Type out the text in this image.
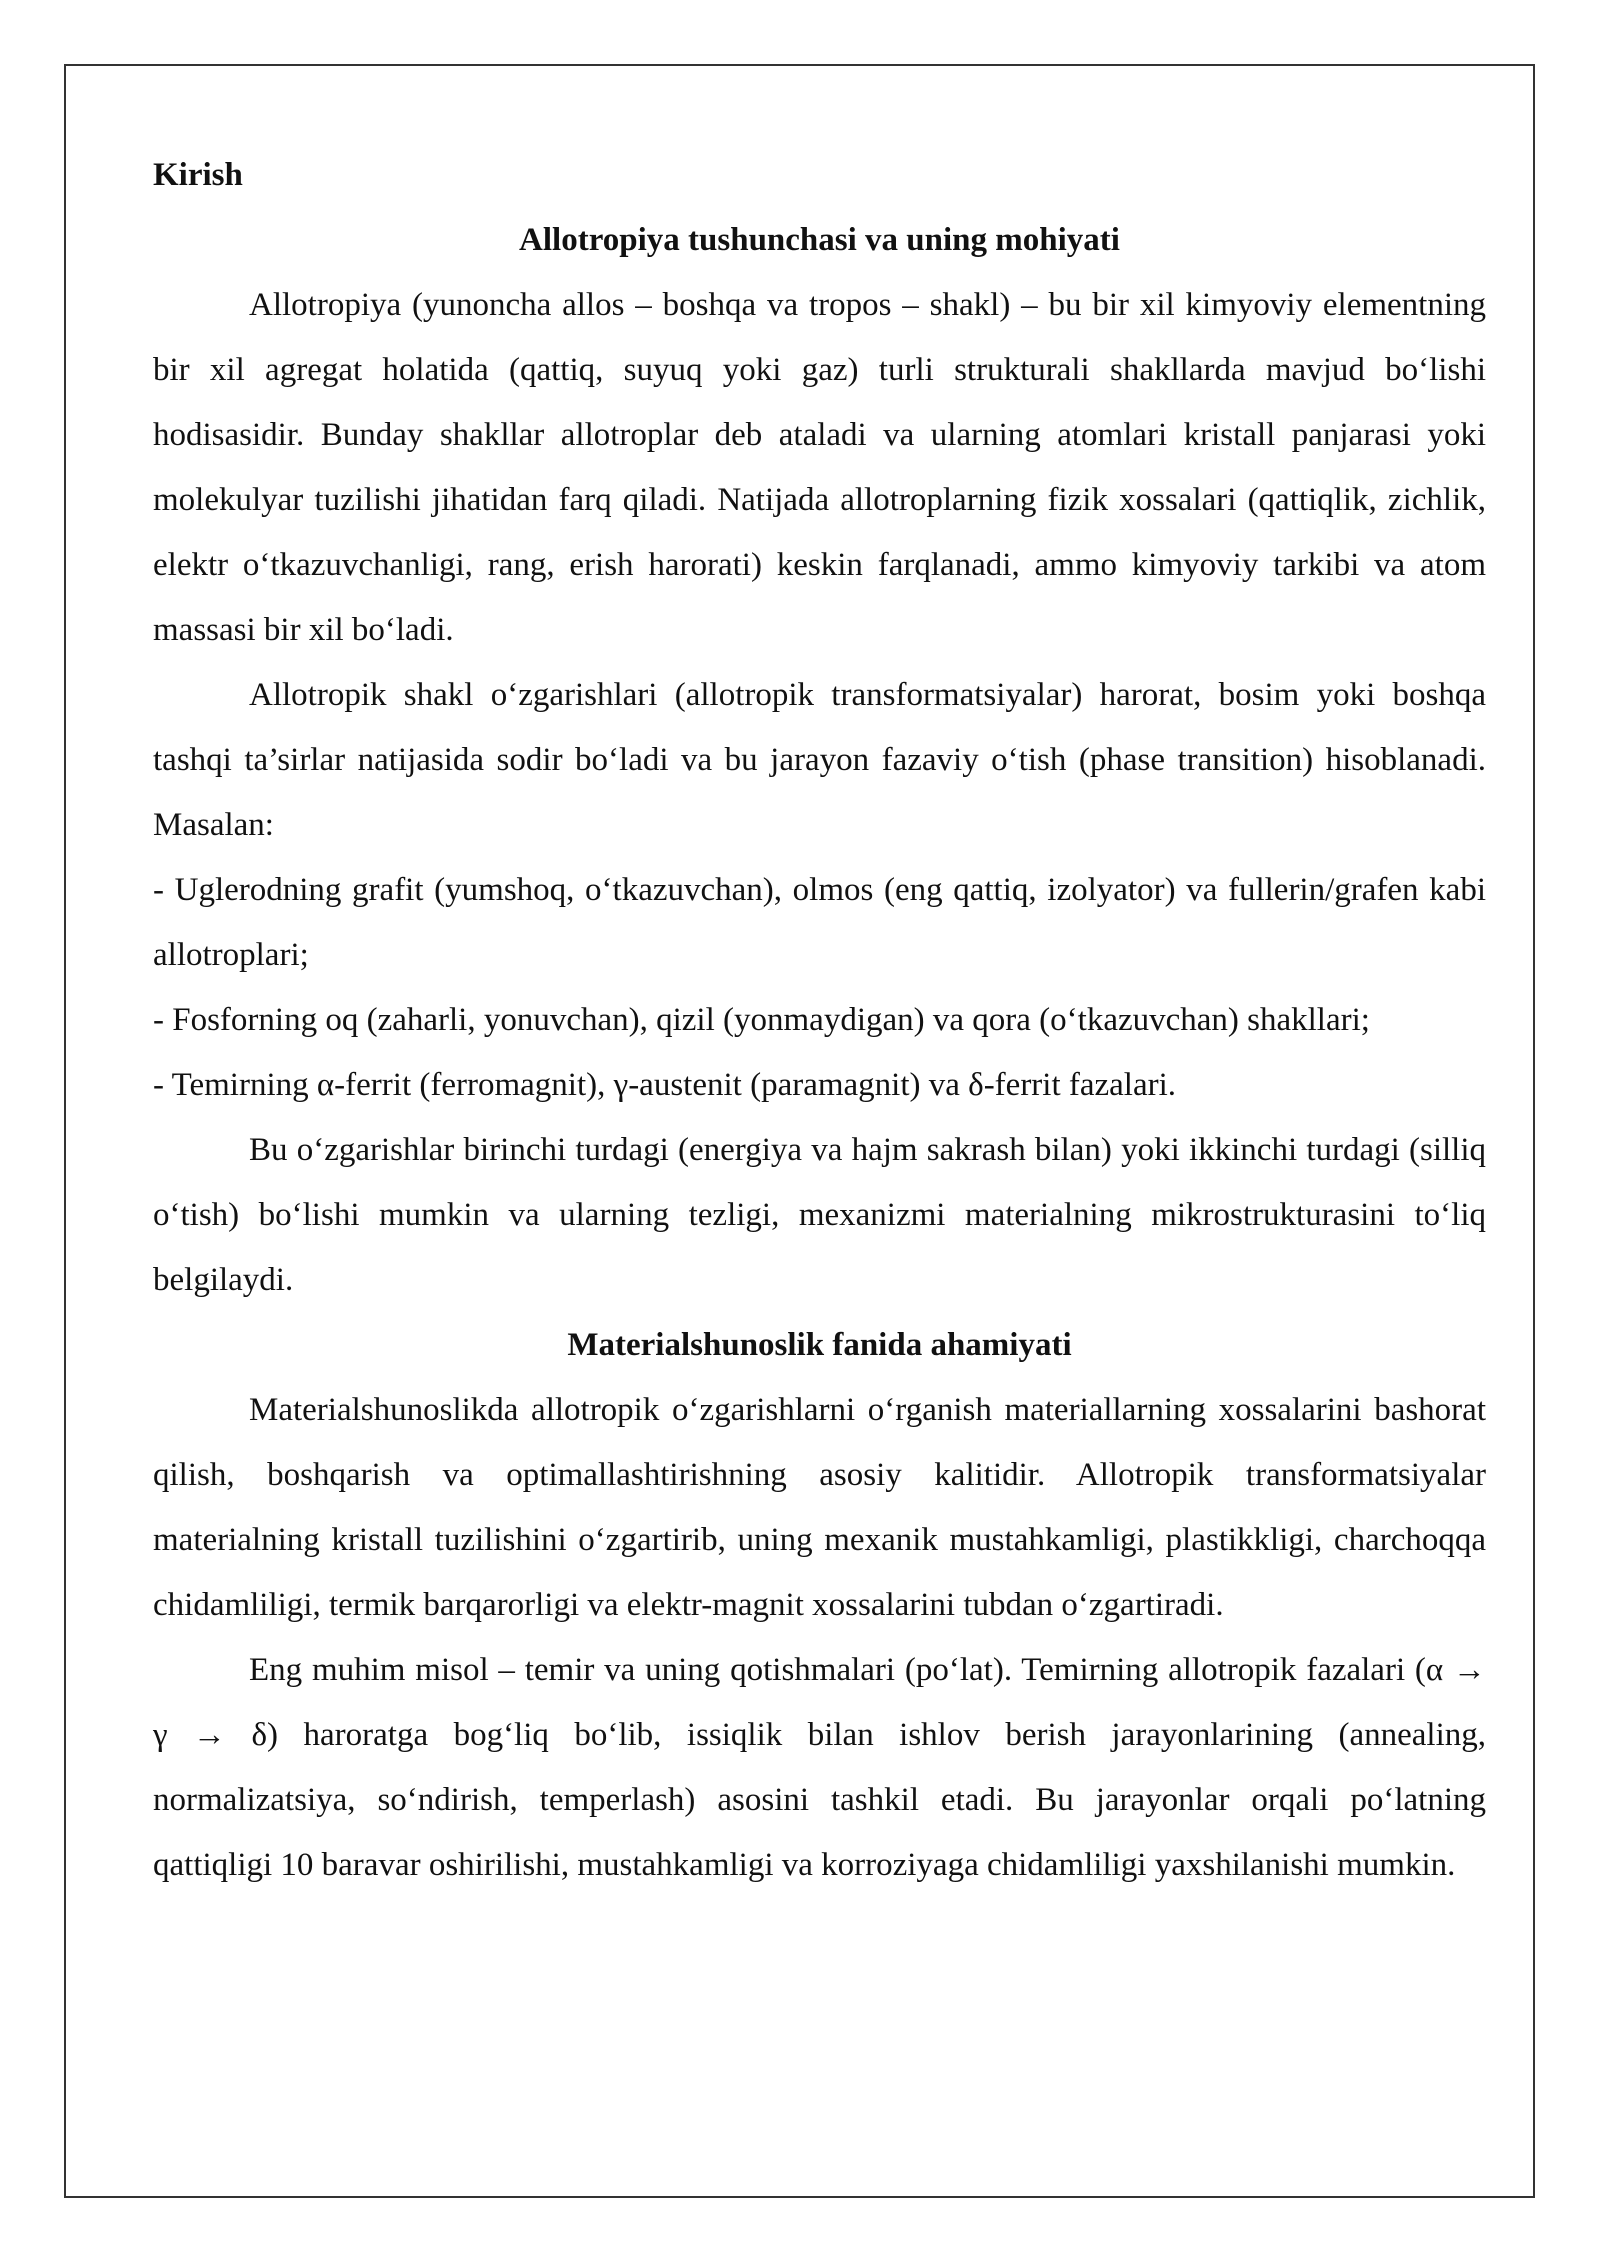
Kirish

Allotropiya tushunchasi va uning mohiyati

Allotropiya (yunoncha allos – boshqa va tropos – shakl) – bu bir xil kimyoviy elementning bir xil agregat holatida (qattiq, suyuq yoki gaz) turli strukturali shakllarda mavjud bo‘lishi hodisasidir. Bunday shakllar allotroplar deb ataladi va ularning atomlari kristall panjarasi yoki molekulyar tuzilishi jihatidan farq qiladi. Natijada allotroplarning fizik xossalari (qattiqlik, zichlik, elektr o‘tkazuvchanligi, rang, erish harorati) keskin farqlanadi, ammo kimyoviy tarkibi va atom massasi bir xil bo‘ladi.

Allotropik shakl o‘zgarishlari (allotropik transformatsiyalar) harorat, bosim yoki boshqa tashqi ta’sirlar natijasida sodir bo‘ladi va bu jarayon fazaviy o‘tish (phase transition) hisoblanadi. Masalan:

- Uglerodning grafit (yumshoq, o‘tkazuvchan), olmos (eng qattiq, izolyator) va fullerin/grafen kabi allotroplari;

- Fosforning oq (zaharli, yonuvchan), qizil (yonmaydigan) va qora (o‘tkazuvchan) shakllari;

- Temirning α-ferrit (ferromagnit), γ-austenit (paramagnit) va δ-ferrit fazalari.

Bu o‘zgarishlar birinchi turdagi (energiya va hajm sakrash bilan) yoki ikkinchi turdagi (silliq o‘tish) bo‘lishi mumkin va ularning tezligi, mexanizmi materialning mikrostrukturasini to‘liq belgilaydi.

Materialshunoslik fanida ahamiyati

Materialshunoslikda allotropik o‘zgarishlarni o‘rganish materiallarning xossalarini bashorat qilish, boshqarish va optimallashtirishning asosiy kalitidir. Allotropik transformatsiyalar materialning kristall tuzilishini o‘zgartirib, uning mexanik mustahkamligi, plastikkligi, charchoqqa chidamliligi, termik barqarorligi va elektr-magnit xossalarini tubdan o‘zgartiradi.

Eng muhim misol – temir va uning qotishmalari (po‘lat). Temirning allotropik fazalari (α → γ → δ) haroratga bog‘liq bo‘lib, issiqlik bilan ishlov berish jarayonlarining (annealing, normalizatsiya, so‘ndirish, temperlash) asosini tashkil etadi. Bu jarayonlar orqali po‘latning qattiqligi 10 baravar oshirilishi, mustahkamligi va korroziyaga chidamliligi yaxshilanishi mumkin.
